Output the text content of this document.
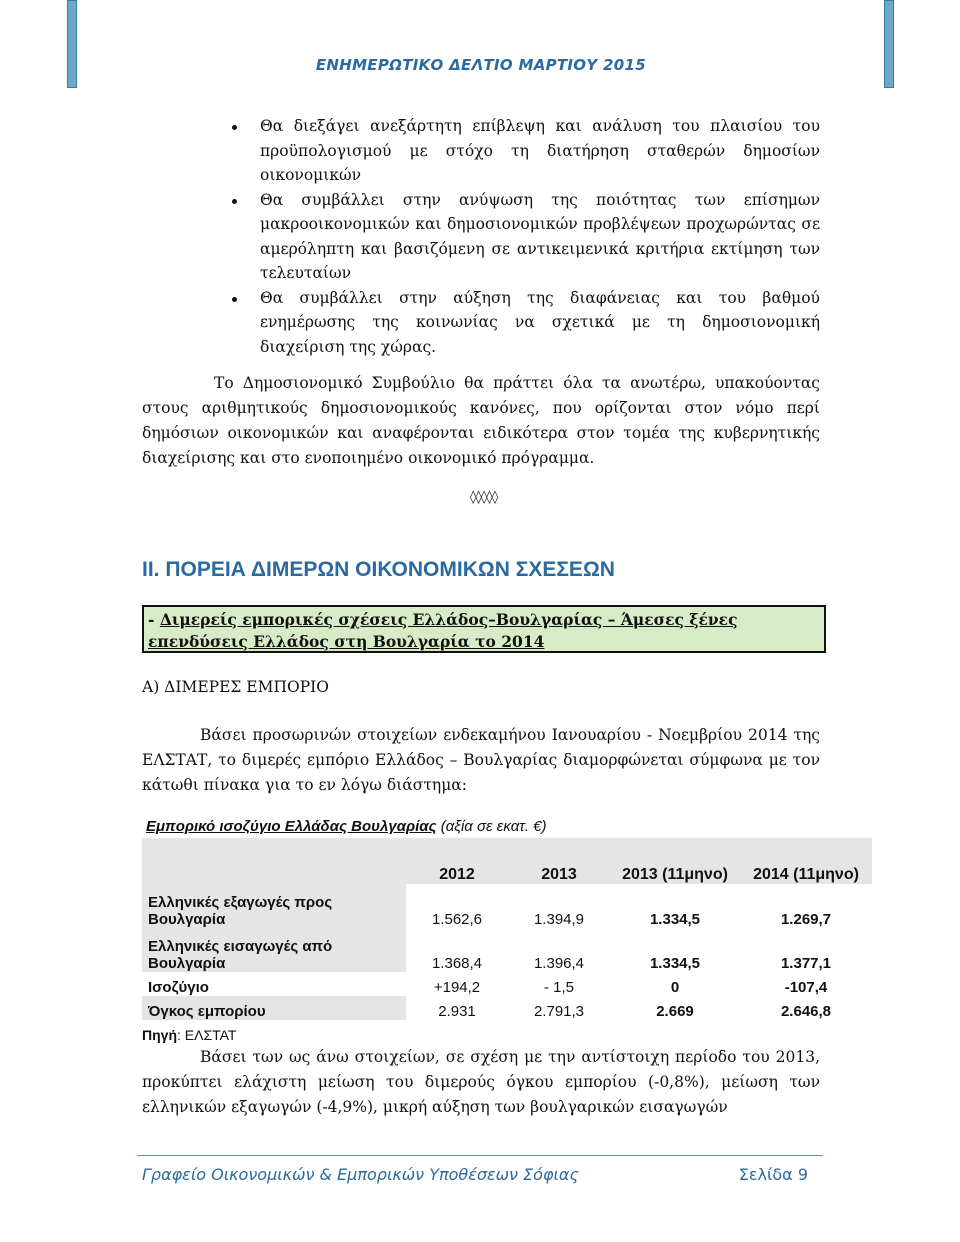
ΕΝΗΜΕΡΩΤΙΚΟ ΔΕΛΤΙΟ ΜΑΡΤΙΟΥ 2015
Θα διεξάγει ανεξάρτητη επίβλεψη και ανάλυση του πλαισίου του προϋπολογισμού με στόχο τη διατήρηση σταθερών δημοσίων οικονομικών
Θα συμβάλλει στην ανύψωση της ποιότητας των επίσημων μακροοικονομικών και δημοσιονομικών προβλέψεων προχωρώντας σε αμερόληπτη και βασιζόμενη σε αντικειμενικά κριτήρια εκτίμηση των τελευταίων
Θα συμβάλλει στην αύξηση της διαφάνειας και του βαθμού ενημέρωσης της κοινωνίας να σχετικά με τη δημοσιονομική διαχείριση της χώρας.

Το Δημοσιονομικό Συμβούλιο θα πράττει όλα τα ανωτέρω, υπακούοντας στους αριθμητικούς δημοσιονομικούς κανόνες, που ορίζονται στον νόμο περί δημόσιων οικονομικών και αναφέρονται ειδικότερα στον τομέα της κυβερνητικής διαχείρισης και στο ενοποιημένο οικονομικό πρόγραμμα.

◊◊◊◊◊
II. ΠΟΡΕΙΑ ΔΙΜΕΡΩΝ ΟΙΚΟΝΟΜΙΚΩΝ ΣΧΕΣΕΩΝ
- Διμερείς εμπορικές σχέσεις Ελλάδος–Βουλγαρίας – Άμεσες ξένες επενδύσεις Ελλάδος στη Βουλγαρία το 2014
Α) ΔΙΜΕΡΕΣ ΕΜΠΟΡΙΟ

Βάσει προσωρινών στοιχείων ενδεκαμήνου Ιανουαρίου - Νοεμβρίου 2014 της ΕΛΣΤΑΤ, το διμερές εμπόριο Ελλάδος – Βουλγαρίας διαμορφώνεται σύμφωνα με τον κάτωθι πίνακα για το εν λόγω διάστημα:

Εμπορικό ισοζύγιο Ελλάδας Βουλγαρίας (αξία σε εκατ. €)
	2012	2013	2013 (11μηνο)	2014 (11μηνο)
Ελληνικές εξαγωγές προς Βουλγαρία	1.562,6	1.394,9	1.334,5	1.269,7
Ελληνικές εισαγωγές από Βουλγαρία	1.368,4	1.396,4	1.334,5	1.377,1
Ισοζύγιο	+194,2	- 1,5	0	-107,4
Όγκος εμπορίου	2.931	2.791,3	2.669	2.646,8
Πηγή: ΕΛΣΤΑΤ

Βάσει των ως άνω στοιχείων, σε σχέση με την αντίστοιχη περίοδο του 2013, προκύπτει ελάχιστη μείωση του διμερούς όγκου εμπορίου (-0,8%), μείωση των ελληνικών εξαγωγών (-4,9%), μικρή αύξηση των βουλγαρικών εισαγωγών

Γραφείο Οικονομικών & Εμπορικών Υποθέσεων Σόφιας	Σελίδα 9
